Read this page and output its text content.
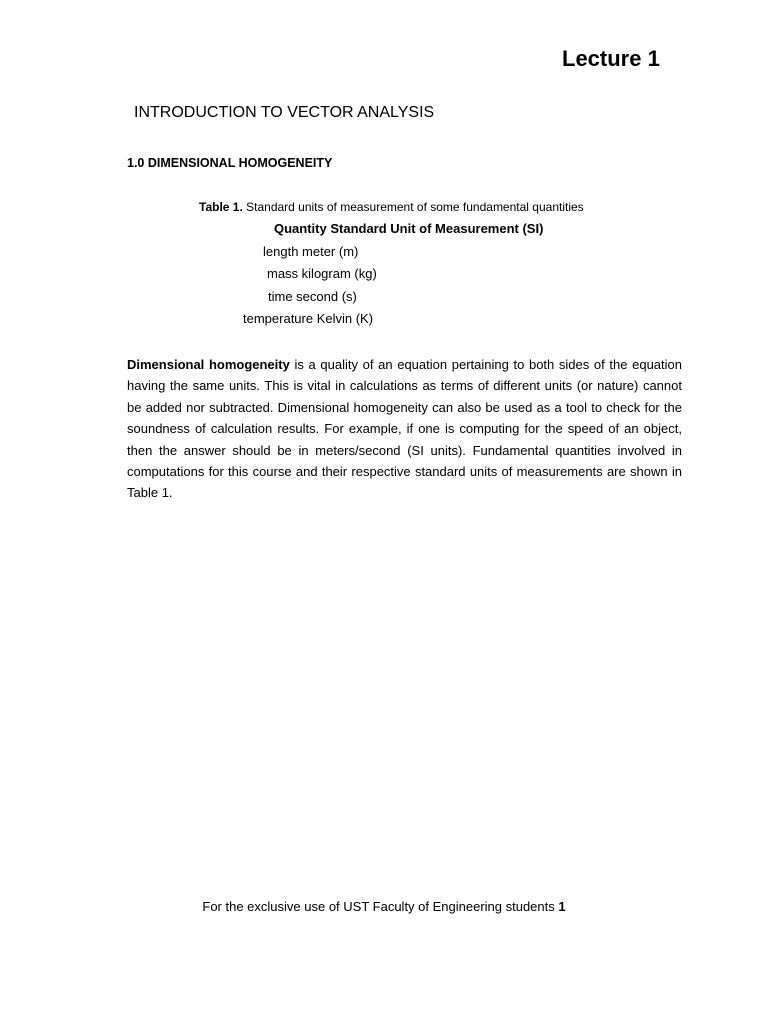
Lecture 1
INTRODUCTION TO VECTOR ANALYSIS
1.0 DIMENSIONAL HOMOGENEITY
Table 1. Standard units of measurement of some fundamental quantities
Quantity Standard Unit of Measurement (SI)
length meter (m)
mass kilogram (kg)
time second (s)
temperature Kelvin (K)

Dimensional homogeneity is a quality of an equation pertaining to both sides of the equation having the same units. This is vital in calculations as terms of different units (or nature) cannot be added nor subtracted. Dimensional homogeneity can also be used as a tool to check for the soundness of calculation results. For example, if one is computing for the speed of an object, then the answer should be in meters/second (SI units). Fundamental quantities involved in computations for this course and their respective standard units of measurements are shown in Table 1.

For the exclusive use of UST Faculty of Engineering students 1
